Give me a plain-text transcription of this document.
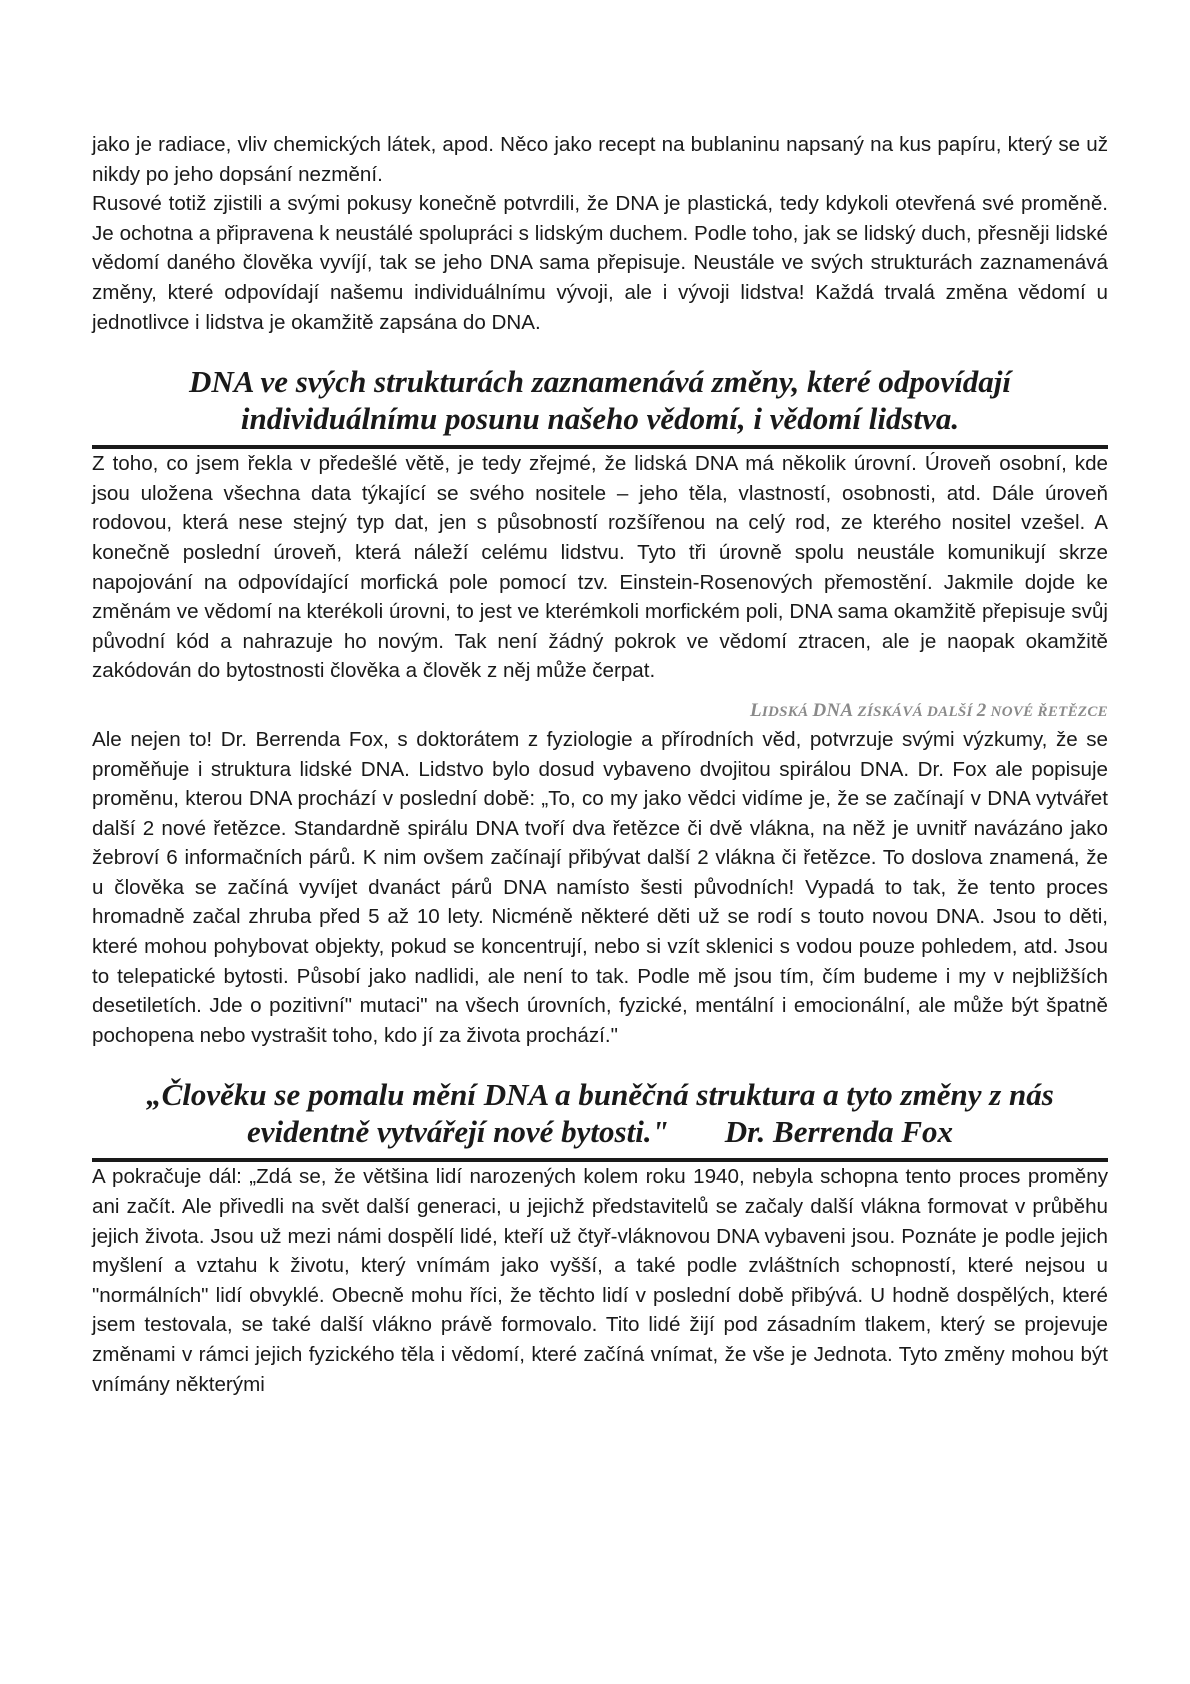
jako je radiace, vliv chemických látek, apod. Něco jako recept na bublaninu napsaný na kus papíru, který se už nikdy po jeho dopsání nezmění.

Rusové totiž zjistili a svými pokusy konečně potvrdili, že DNA je plastická, tedy kdykoli otevřená své proměně. Je ochotna a připravena k neustálé spolupráci s lidským duchem. Podle toho, jak se lidský duch, přesněji lidské vědomí daného člověka vyvíjí, tak se jeho DNA sama přepisuje. Neustále ve svých strukturách zaznamenává změny, které odpovídají našemu individuálnímu vývoji, ale i vývoji lidstva! Každá trvalá změna vědomí u jednotlivce i lidstva je okamžitě zapsána do DNA.

DNA ve svých strukturách zaznamenává změny, které odpovídají
individuálnímu posunu našeho vědomí, i vědomí lidstva.

Z toho, co jsem řekla v předešlé větě, je tedy zřejmé, že lidská DNA má několik úrovní. Úroveň osobní, kde jsou uložena všechna data týkající se svého nositele – jeho těla, vlastností, osobnosti, atd. Dále úroveň rodovou, která nese stejný typ dat, jen s působností rozšířenou na celý rod, ze kterého nositel vzešel. A konečně poslední úroveň, která náleží celému lidstvu. Tyto tři úrovně spolu neustále komunikují skrze napojování na odpovídající morfická pole pomocí tzv. Einstein-Rosenových přemostění. Jakmile dojde ke změnám ve vědomí na kterékoli úrovni, to jest ve kterémkoli morfickém poli, DNA sama okamžitě přepisuje svůj původní kód a nahrazuje ho novým. Tak není žádný pokrok ve vědomí ztracen, ale je naopak okamžitě zakódován do bytostnosti člověka a člověk z něj může čerpat.

LIDSKÁ DNA ZÍSKÁVÁ DALŠÍ 2 NOVÉ ŘETĚZCE

Ale nejen to! Dr. Berrenda Fox, s doktorátem z fyziologie a přírodních věd, potvrzuje svými výzkumy, že se proměňuje i struktura lidské DNA. Lidstvo bylo dosud vybaveno dvojitou spirálou DNA. Dr. Fox ale popisuje proměnu, kterou DNA prochází v poslední době: „To, co my jako vědci vidíme je, že se začínají v DNA vytvářet další 2 nové řetězce. Standardně spirálu DNA tvoří dva řetězce či dvě vlákna, na něž je uvnitř navázáno jako žebroví 6 informačních párů. K nim ovšem začínají přibývat další 2 vlákna či řetězce. To doslova znamená, že u člověka se začíná vyvíjet dvanáct párů DNA namísto šesti původních! Vypadá to tak, že tento proces hromadně začal zhruba před 5 až 10 lety. Nicméně některé děti už se rodí s touto novou DNA. Jsou to děti, které mohou pohybovat objekty, pokud se koncentrují, nebo si vzít sklenici s vodou pouze pohledem, atd. Jsou to telepatické bytosti. Působí jako nadlidi, ale není to tak. Podle mě jsou tím, čím budeme i my v nejbližších desetiletích. Jde o pozitivní" mutaci" na všech úrovních, fyzické, mentální i emocionální, ale může být špatně pochopena nebo vystrašit toho, kdo jí za života prochází."

„Člověku se pomalu mění DNA a buněčná struktura a tyto změny z nás
evidentně vytvářejí nové bytosti." Dr. Berrenda Fox

A pokračuje dál: „Zdá se, že většina lidí narozených kolem roku 1940, nebyla schopna tento proces proměny ani začít. Ale přivedli na svět další generaci, u jejichž představitelů se začaly další vlákna formovat v průběhu jejich života. Jsou už mezi námi dospělí lidé, kteří už čtyř-vláknovou DNA vybaveni jsou. Poznáte je podle jejich myšlení a vztahu k životu, který vnímám jako vyšší, a také podle zvláštních schopností, které nejsou u "normálních" lidí obvyklé. Obecně mohu říci, že těchto lidí v poslední době přibývá. U hodně dospělých, které jsem testovala, se také další vlákno právě formovalo. Tito lidé žijí pod zásadním tlakem, který se projevuje změnami v rámci jejich fyzického těla i vědomí, které začíná vnímat, že vše je Jednota. Tyto změny mohou být vnímány některými
